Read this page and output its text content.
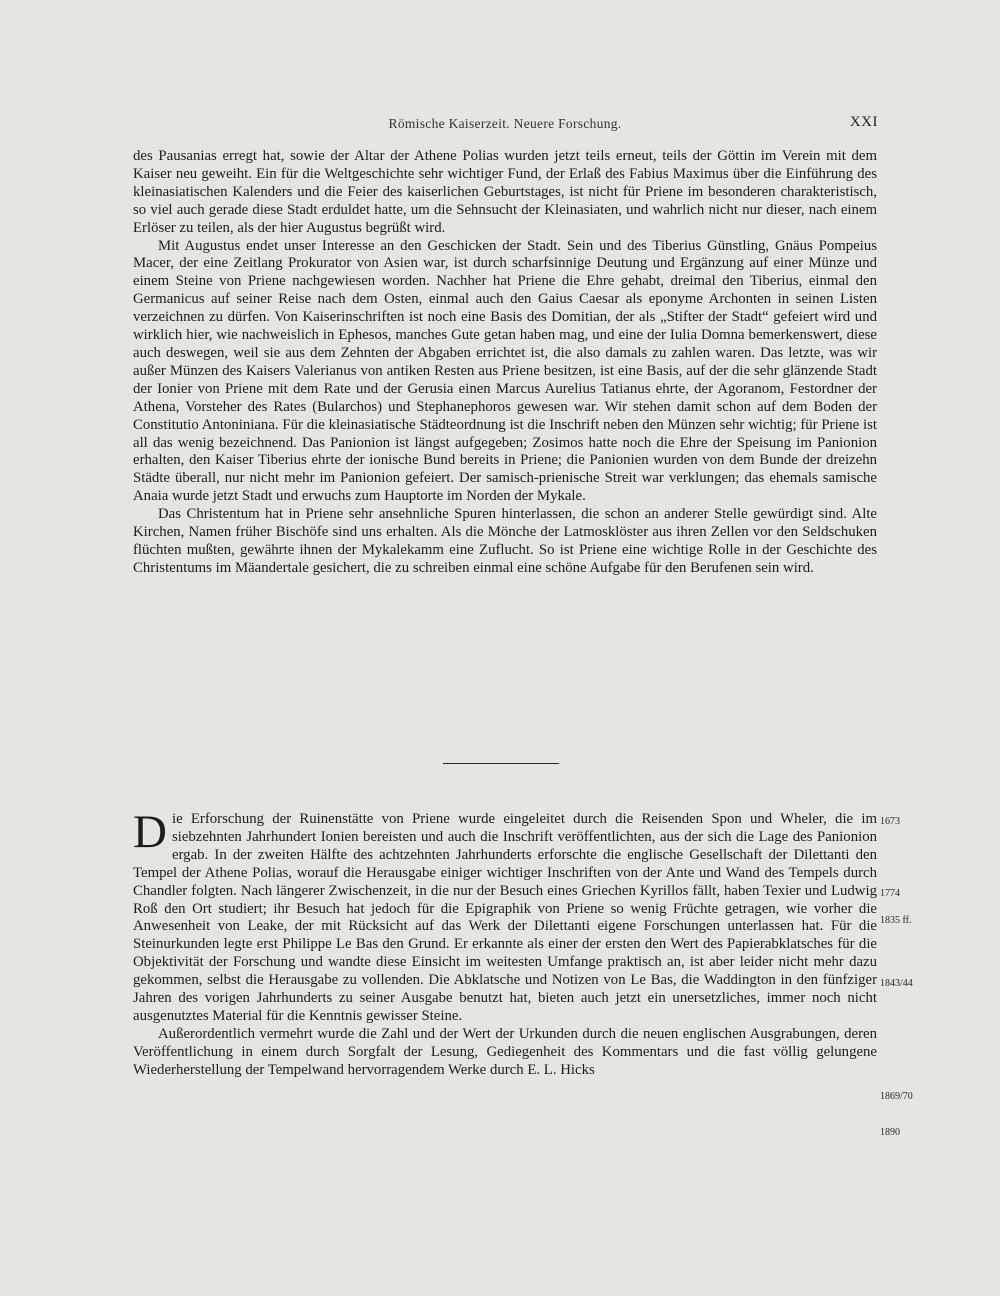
Römische Kaiserzeit. Neuere Forschung.	XXI

des Pausanias erregt hat, sowie der Altar der Athene Polias wurden jetzt teils erneut, teils der Göttin im Verein mit dem Kaiser neu geweiht. Ein für die Weltgeschichte sehr wichtiger Fund, der Erlaß des Fabius Maximus über die Einführung des kleinasiatischen Kalenders und die Feier des kaiserlichen Geburtstages, ist nicht für Priene im besonderen charakteristisch, so viel auch gerade diese Stadt erduldet hatte, um die Sehnsucht der Kleinasiaten, und wahrlich nicht nur dieser, nach einem Erlöser zu teilen, als der hier Augustus begrüßt wird.

Mit Augustus endet unser Interesse an den Geschicken der Stadt. Sein und des Tiberius Günstling, Gnäus Pompeius Macer, der eine Zeitlang Prokurator von Asien war, ist durch scharfsinnige Deutung und Ergänzung auf einer Münze und einem Steine von Priene nachgewiesen worden. Nachher hat Priene die Ehre gehabt, dreimal den Tiberius, einmal den Germanicus auf seiner Reise nach dem Osten, einmal auch den Gaius Caesar als eponyme Archonten in seinen Listen verzeichnen zu dürfen. Von Kaiserinschriften ist noch eine Basis des Domitian, der als „Stifter der Stadt“ gefeiert wird und wirklich hier, wie nachweislich in Ephesos, manches Gute getan haben mag, und eine der Iulia Domna bemerkenswert, diese auch deswegen, weil sie aus dem Zehnten der Abgaben errichtet ist, die also damals zu zahlen waren. Das letzte, was wir außer Münzen des Kaisers Valerianus von antiken Resten aus Priene besitzen, ist eine Basis, auf der die sehr glänzende Stadt der Ionier von Priene mit dem Rate und der Gerusia einen Marcus Aurelius Tatianus ehrte, der Agoranom, Festordner der Athena, Vorsteher des Rates (Bularchos) und Stephanephoros gewesen war. Wir stehen damit schon auf dem Boden der Constitutio Antoniniana. Für die kleinasiatische Städteordnung ist die Inschrift neben den Münzen sehr wichtig; für Priene ist all das wenig bezeichnend. Das Panionion ist längst aufgegeben; Zosimos hatte noch die Ehre der Speisung im Panionion erhalten, den Kaiser Tiberius ehrte der ionische Bund bereits in Priene; die Panionien wurden von dem Bunde der dreizehn Städte überall, nur nicht mehr im Panionion gefeiert. Der samisch-prienische Streit war verklungen; das ehemals samische Anaia wurde jetzt Stadt und erwuchs zum Hauptorte im Norden der Mykale.

Das Christentum hat in Priene sehr ansehnliche Spuren hinterlassen, die schon an anderer Stelle gewürdigt sind. Alte Kirchen, Namen früher Bischöfe sind uns erhalten. Als die Mönche der Latmosklöster aus ihren Zellen vor den Seldschuken flüchten mußten, gewährte ihnen der Mykalekamm eine Zuflucht. So ist Priene eine wichtige Rolle in der Geschichte des Christentums im Mäandertale gesichert, die zu schreiben einmal eine schöne Aufgabe für den Berufenen sein wird.

Die Erforschung der Ruinenstätte von Priene wurde eingeleitet durch die Reisenden Spon und Wheler, die im siebzehnten Jahrhundert Ionien bereisten und auch die Inschrift veröffentlichten, aus der sich die Lage des Panionion ergab. In der zweiten Hälfte des achtzehnten Jahrhunderts erforschte die englische Gesellschaft der Dilettanti den Tempel der Athene Polias, worauf die Herausgabe einiger wichtiger Inschriften von der Ante und Wand des Tempels durch Chandler folgten. Nach längerer Zwischenzeit, in die nur der Besuch eines Griechen Kyrillos fällt, haben Texier und Ludwig Roß den Ort studiert; ihr Besuch hat jedoch für die Epigraphik von Priene so wenig Früchte getragen, wie vorher die Anwesenheit von Leake, der mit Rücksicht auf das Werk der Dilettanti eigene Forschungen unterlassen hat. Für die Steinurkunden legte erst Philippe Le Bas den Grund. Er erkannte als einer der ersten den Wert des Papierabklatsches für die Objektivität der Forschung und wandte diese Einsicht im weitesten Umfange praktisch an, ist aber leider nicht mehr dazu gekommen, selbst die Herausgabe zu vollenden. Die Abklatsche und Notizen von Le Bas, die Waddington in den fünfziger Jahren des vorigen Jahrhunderts zu seiner Ausgabe benutzt hat, bieten auch jetzt ein unersetzliches, immer noch nicht ausgenutztes Material für die Kenntnis gewisser Steine.

Außerordentlich vermehrt wurde die Zahl und der Wert der Urkunden durch die neuen englischen Ausgrabungen, deren Veröffentlichung in einem durch Sorgfalt der Lesung, Gediegenheit des Kommentars und die fast völlig gelungene Wiederherstellung der Tempelwand hervorragendem Werke durch E. L. Hicks

1673
1774
1835 ff.
1843/44
1869/70
1890
